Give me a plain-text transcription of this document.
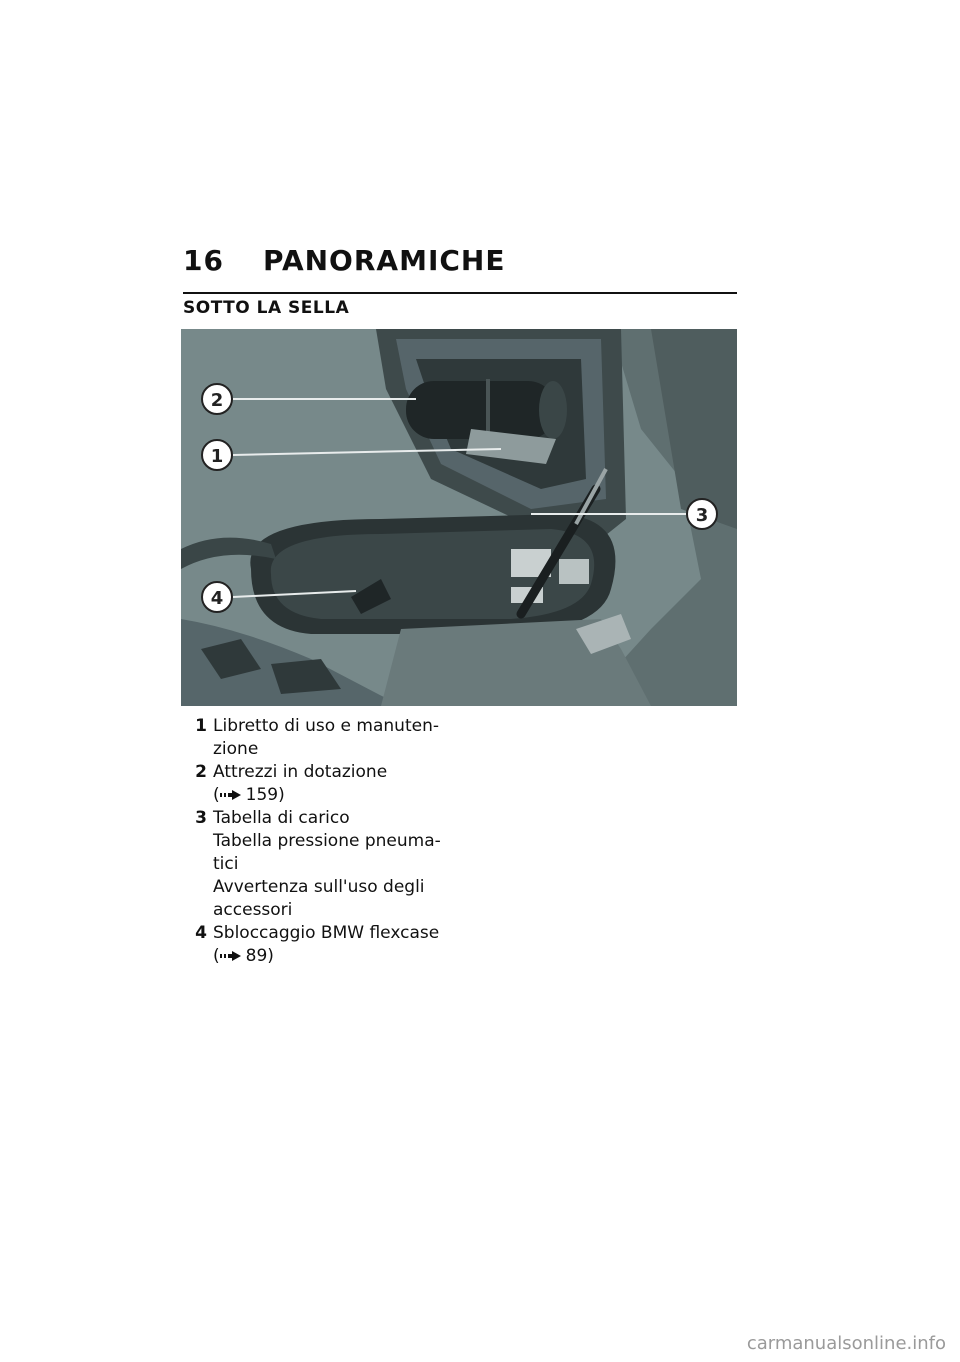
16 PANORAMICHE
SOTTO LA SELLA
2
1
3
4
1 Libretto di uso e manuten-
zione
2 Attrezzi in dotazione
( 159)
3 Tabella di carico
Tabella pressione pneuma-
tici
Avvertenza sull'uso degli
accessori
4 Sbloccaggio BMW flexcase
( 89)
carmanualsonline.info
